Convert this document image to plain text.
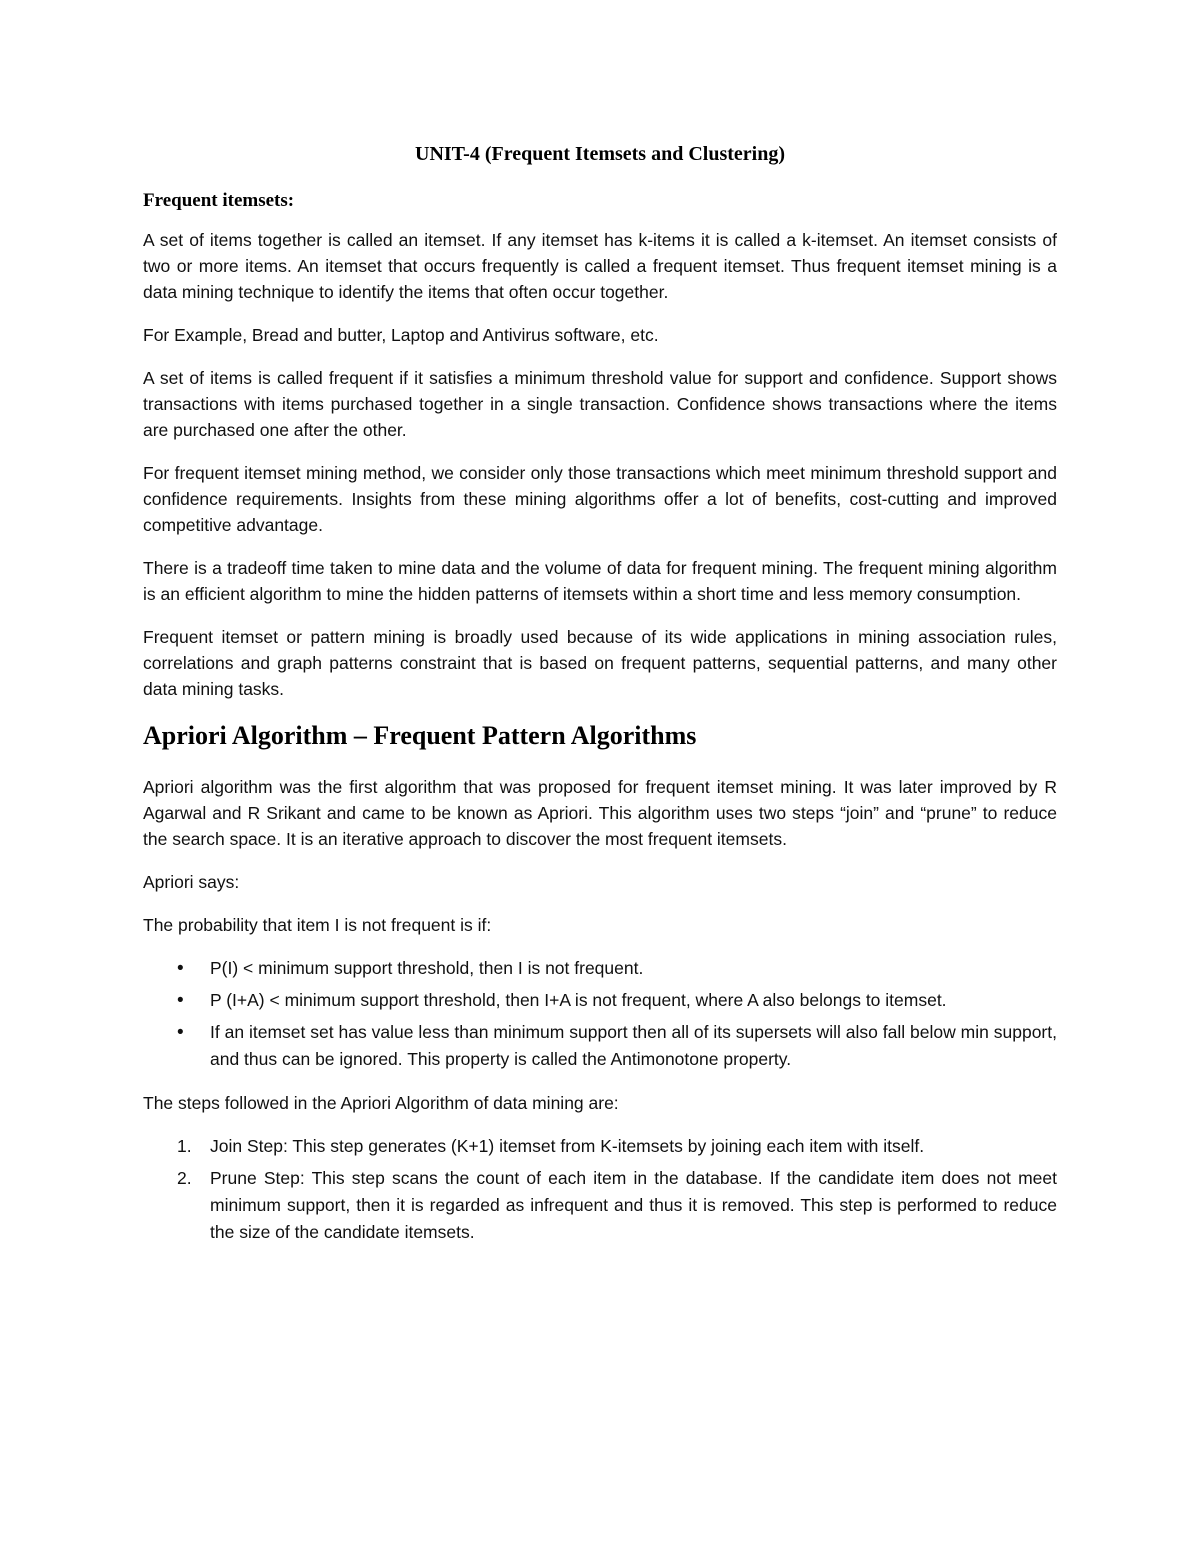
UNIT-4 (Frequent Itemsets and Clustering)
Frequent itemsets:

A set of items together is called an itemset. If any itemset has k-items it is called a k-itemset. An itemset consists of two or more items. An itemset that occurs frequently is called a frequent itemset. Thus frequent itemset mining is a data mining technique to identify the items that often occur together.

For Example, Bread and butter, Laptop and Antivirus software, etc.

A set of items is called frequent if it satisfies a minimum threshold value for support and confidence. Support shows transactions with items purchased together in a single transaction. Confidence shows transactions where the items are purchased one after the other.

For frequent itemset mining method, we consider only those transactions which meet minimum threshold support and confidence requirements. Insights from these mining algorithms offer a lot of benefits, cost-cutting and improved competitive advantage.

There is a tradeoff time taken to mine data and the volume of data for frequent mining. The frequent mining algorithm is an efficient algorithm to mine the hidden patterns of itemsets within a short time and less memory consumption.

Frequent itemset or pattern mining is broadly used because of its wide applications in mining association rules, correlations and graph patterns constraint that is based on frequent patterns, sequential patterns, and many other data mining tasks.

Apriori Algorithm – Frequent Pattern Algorithms

Apriori algorithm was the first algorithm that was proposed for frequent itemset mining. It was later improved by R Agarwal and R Srikant and came to be known as Apriori. This algorithm uses two steps “join” and “prune” to reduce the search space. It is an iterative approach to discover the most frequent itemsets.

Apriori says:

The probability that item I is not frequent is if:

• P(I) < minimum support threshold, then I is not frequent.
• P (I+A) < minimum support threshold, then I+A is not frequent, where A also belongs to itemset.
• If an itemset set has value less than minimum support then all of its supersets will also fall below min support, and thus can be ignored. This property is called the Antimonotone property.

The steps followed in the Apriori Algorithm of data mining are:

1. Join Step: This step generates (K+1) itemset from K-itemsets by joining each item with itself.
2. Prune Step: This step scans the count of each item in the database. If the candidate item does not meet minimum support, then it is regarded as infrequent and thus it is removed. This step is performed to reduce the size of the candidate itemsets.
